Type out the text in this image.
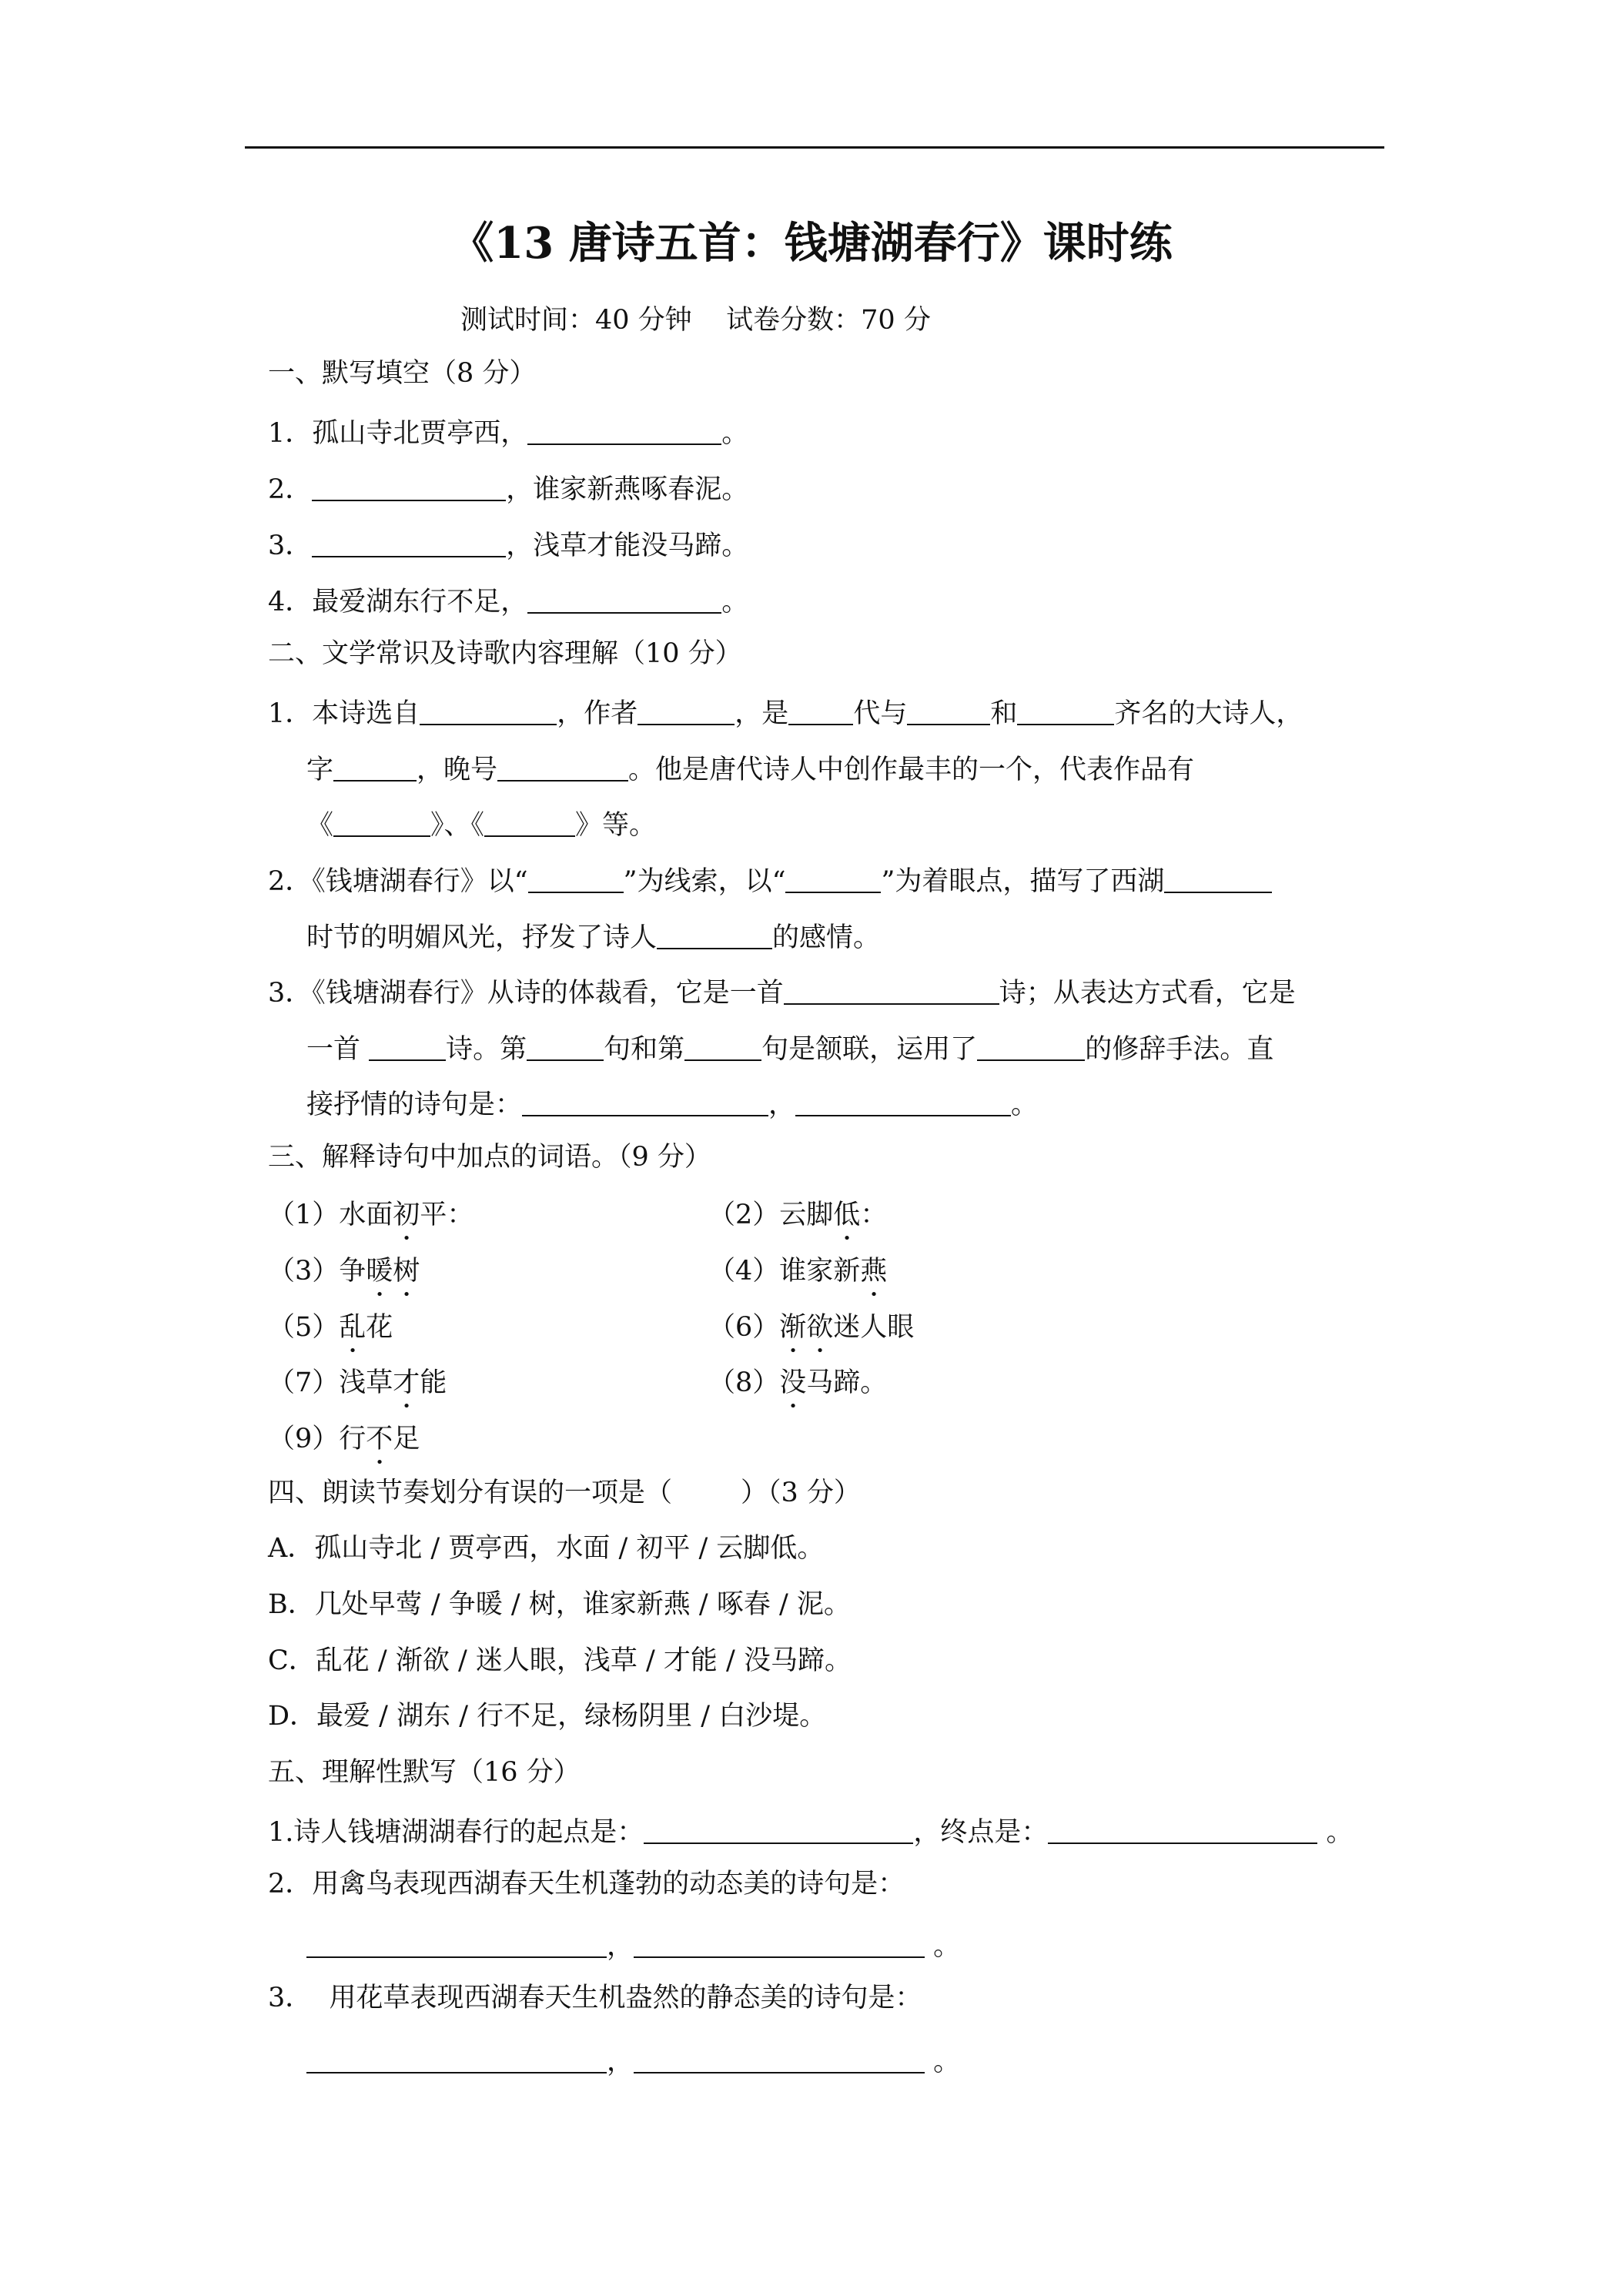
《13 唐诗五首：钱塘湖春行》课时练
测试时间：40 分钟    试卷分数：70 分
一、默写填空（8 分）
1．孤山寺北贾亭西，	。
2．	，谁家新燕啄春泥。
3．	，浅草才能没马蹄。
4．最爱湖东行不足，	。
二、文学常识及诗歌内容理解（10 分）
1．本诗选自	，作者	，是 代与	和	齐名的大诗人，
字	，晚号	。他是唐代诗人中创作最丰的一个，代表作品有
《	》、《	》等。
2．《钱塘湖春行》以“	”为线索，以“	”为着眼点，描写了西湖
时节的明媚风光，抒发了诗人	的感情。
3．《钱塘湖春行》从诗的体裁看，它是一首	诗；从表达方式看，它是
一首	诗。第	句和第	句是颔联，运用了	的修辞手法。直
接抒情的诗句是：	，	。
三、解释诗句中加点的词语。（9 分）
（1）水面初平：	（2）云脚低：
（3）争暖树	（4）谁家新燕
（5）乱花	（6）渐欲迷人眼
（7）浅草才能	（8）没马蹄。
（9）行不足
四、朗读节奏划分有误的一项是（        ）（3 分）
A．孤山寺北 / 贾亭西，水面 / 初平 / 云脚低。
B．几处早莺 / 争暖 / 树，谁家新燕 / 啄春 / 泥。
C．乱花 / 渐欲 / 迷人眼，浅草 / 才能 / 没马蹄。
D．最爱 / 湖东 / 行不足，绿杨阴里 / 白沙堤。
五、理解性默写（16 分）
1.诗人钱塘湖湖春行的起点是：	，终点是：	。
2．用禽鸟表现西湖春天生机蓬勃的动态美的诗句是：
，	。
3．  用花草表现西湖春天生机盎然的静态美的诗句是：
，	。
